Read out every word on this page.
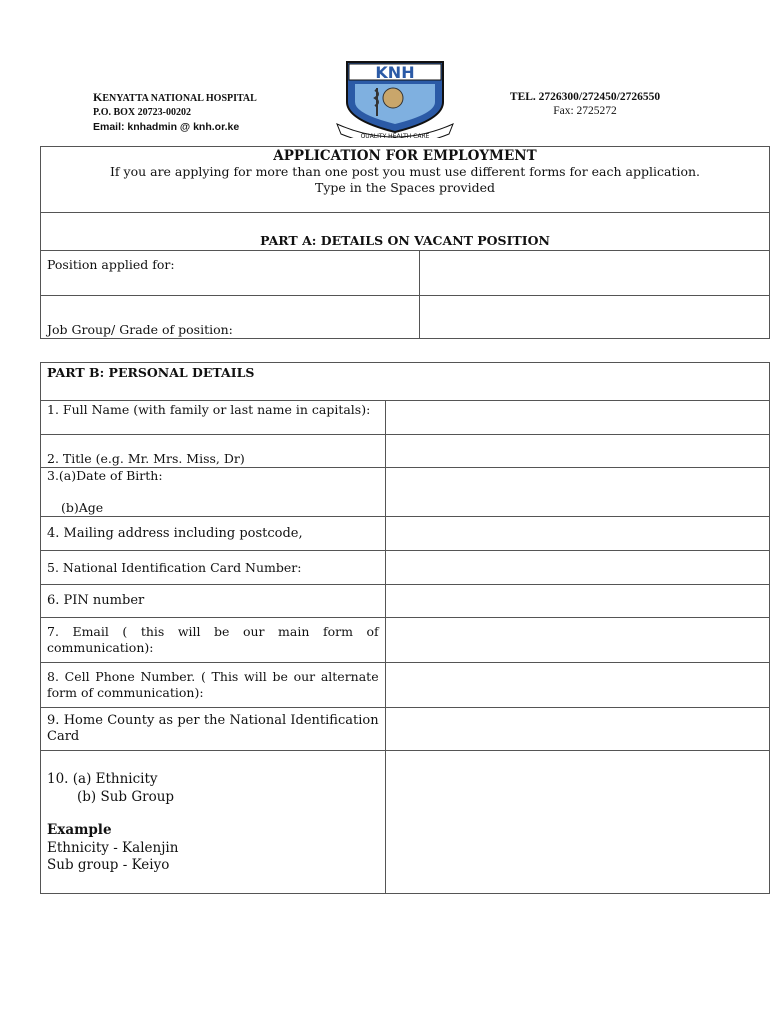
KENYATTA NATIONAL HOSPITAL
P.O. BOX 20723-00202
Email: knhadmin @ knh.or.ke
KNH
QUALITY HEALTH CARE
TEL. 2726300/272450/2726550
Fax: 2725272
APPLICATION FOR EMPLOYMENT
If you are applying for more than one post you must use different forms for each application.
Type in the Spaces provided	

PART A: DETAILS ON VACANT POSITION	
Position applied for:	
Job Group/ Grade of position:	
PART B: PERSONAL DETAILS	
1. Full Name (with family or last name in capitals):	
2. Title (e.g. Mr. Mrs. Miss, Dr)	

3.(a)Date of Birth:
(b)Age	

4. Mailing address including postcode,	
5. National Identification Card Number:	
6. PIN number	
7. Email ( this will be our main form of communication):	
8. Cell Phone Number. ( This will be our alternate form of communication):	
9. Home County as per the National Identification Card	

10. (a) Ethnicity
(b) Sub Group
Example
Ethnicity - Kalenjin
Sub group - Keiyo	
